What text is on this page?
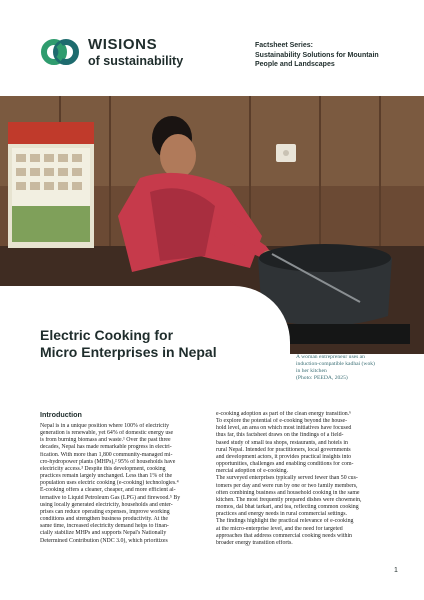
WISIONS
of sustainability
Factsheet Series:
Sustainability Solutions for Mountain
People and Landscapes
Electric Cooking for
Micro Enterprises in Nepal	A woman entrepreneur uses an
induction-compatible kadhai (wok)
in her kitchen
(Photo: PEEDA, 2025)
Introduction
Nepal is in a unique position where 100% of electricity
generation is renewable, yet 64% of domestic energy use
is from burning biomass and waste.¹ Over the past three
decades, Nepal has made remarkable progress in electri-
fication. With more than 1,800 community-managed mi-
cro-hydropower plants (MHPs),² 95% of households have
electricity access.³ Despite this development, cooking
practices remain largely unchanged. Less than 1% of the
population uses electric cooking (e-cooking) technologies.⁴
E-cooking offers a cleaner, cheaper, and more efficient al-
ternative to Liquid Petroleum Gas (LPG) and firewood.⁵ By
using locally generated electricity, households and enter-
prises can reduce operating expenses, improve working
conditions and strengthen business productivity. At the
same time, increased electricity demand helps to finan-
cially stabilize MHPs and supports Nepal's Nationally
Determined Contribution (NDC 3.0), which prioritizes
e-cooking adoption as part of the clean energy transition.⁶
To explore the potential of e-cooking beyond the house-
hold level, an area on which most initiatives have focused
thus far, this factsheet draws on the findings of a field-
based study of small tea shops, restaurants, and hotels in
rural Nepal. Intended for practitioners, local governments
and development actors, it provides practical insights into
opportunities, challenges and enabling conditions for com-
mercial adoption of e-cooking.
The surveyed enterprises typically served fewer than 50 cus-
tomers per day and were run by one or two family members,
often combining business and household cooking in the same
kitchen. The most frequently prepared dishes were chowmein,
momos, dal bhat tarkari, and tea, reflecting common cooking
practices and energy needs in rural commercial settings.
The findings highlight the practical relevance of e-cooking
at the micro-enterprise level, and the need for targeted
approaches that address commercial cooking needs within
broader energy transition efforts.
1
